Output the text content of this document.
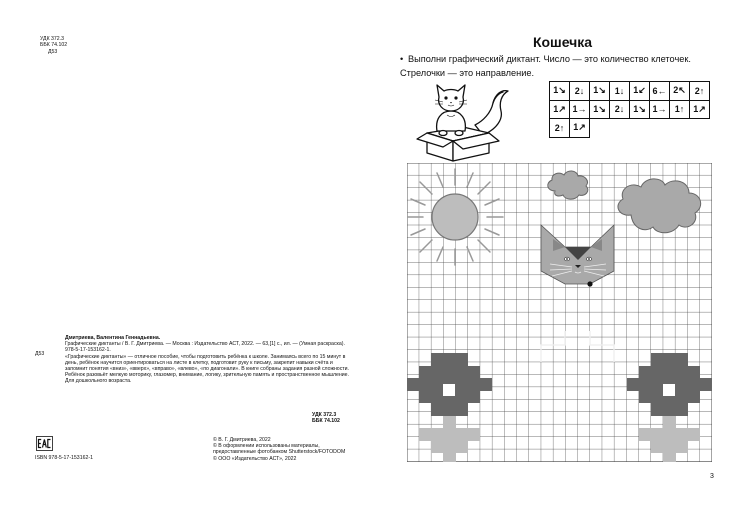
УДК 372.3
ББК 74.102
Д53
Д53

Дмитриева, Валентина Геннадьевна.

Графические диктанты / В. Г. Дмитриева. — Москва : Издательство АСТ, 2022. — 63,[1] с., ил. — (Умная раскраска).

978-5-17-153162-1.

«Графические диктанты» — отличное пособие, чтобы подготовить ребёнка к школе. Занимаясь всего по 15 минут в день, ребёнок научится ориентироваться на листе в клетку, подготовит руку к письму, закрепит навыки счёта и запомнит понятия «вниз», «вверх», «вправо», «влево», «по диагонали». В книге собраны задания разной сложности. Ребёнок разовьёт мелкую моторику, глазомер, внимание, логику, зрительную память и пространственное мышление.

Для дошкольного возраста.

УДК 372.3
ББК 74.102
ISBN 978-5-17-153162-1
© В. Г. Дмитриева, 2022
© В оформлении использованы материалы,
предоставленные фотобанком Shutterstock/FOTODOM
© ООО «Издательство АСТ», 2022
Кошечка
• Выполни графический диктант. Число — это количество клеточек. Стрелочки — это направление.
1↘	2↓	1↘	1↓	1↙	6←	2↖	2↑
1↗	1→	1↘	2↓	1↘	1→	1↑	1↗
2↑	1↗						
3
